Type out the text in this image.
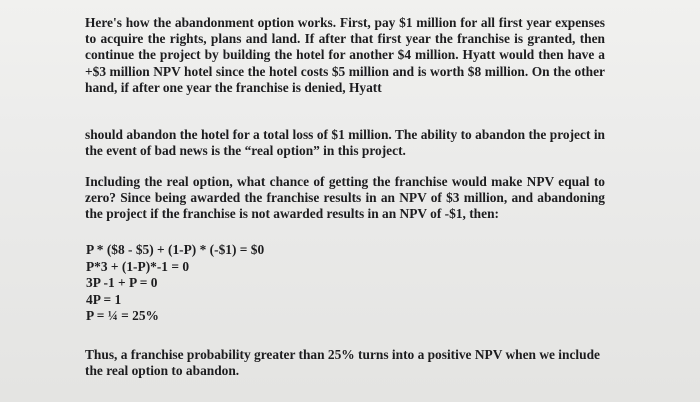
Here's how the abandonment option works. First, pay $1 million for all first year expenses to acquire the rights, plans and land. If after that first year the franchise is granted, then continue the project by building the hotel for another $4 million. Hyatt would then have a +$3 million NPV hotel since the hotel costs $5 million and is worth $8 million. On the other hand, if after one year the franchise is denied, Hyatt

should abandon the hotel for a total loss of $1 million. The ability to abandon the project in the event of bad news is the “real option” in this project.

Including the real option, what chance of getting the franchise would make NPV equal to zero? Since being awarded the franchise results in an NPV of $3 million, and abandoning the project if the franchise is not awarded results in an NPV of -$1, then:

P * ($8 - $5) + (1-P) * (-$1) = $0
P*3 + (1-P)*-1 = 0
3P -1 + P = 0
4P = 1
P = ¼ = 25%

Thus, a franchise probability greater than 25% turns into a positive NPV when we include the real option to abandon.
